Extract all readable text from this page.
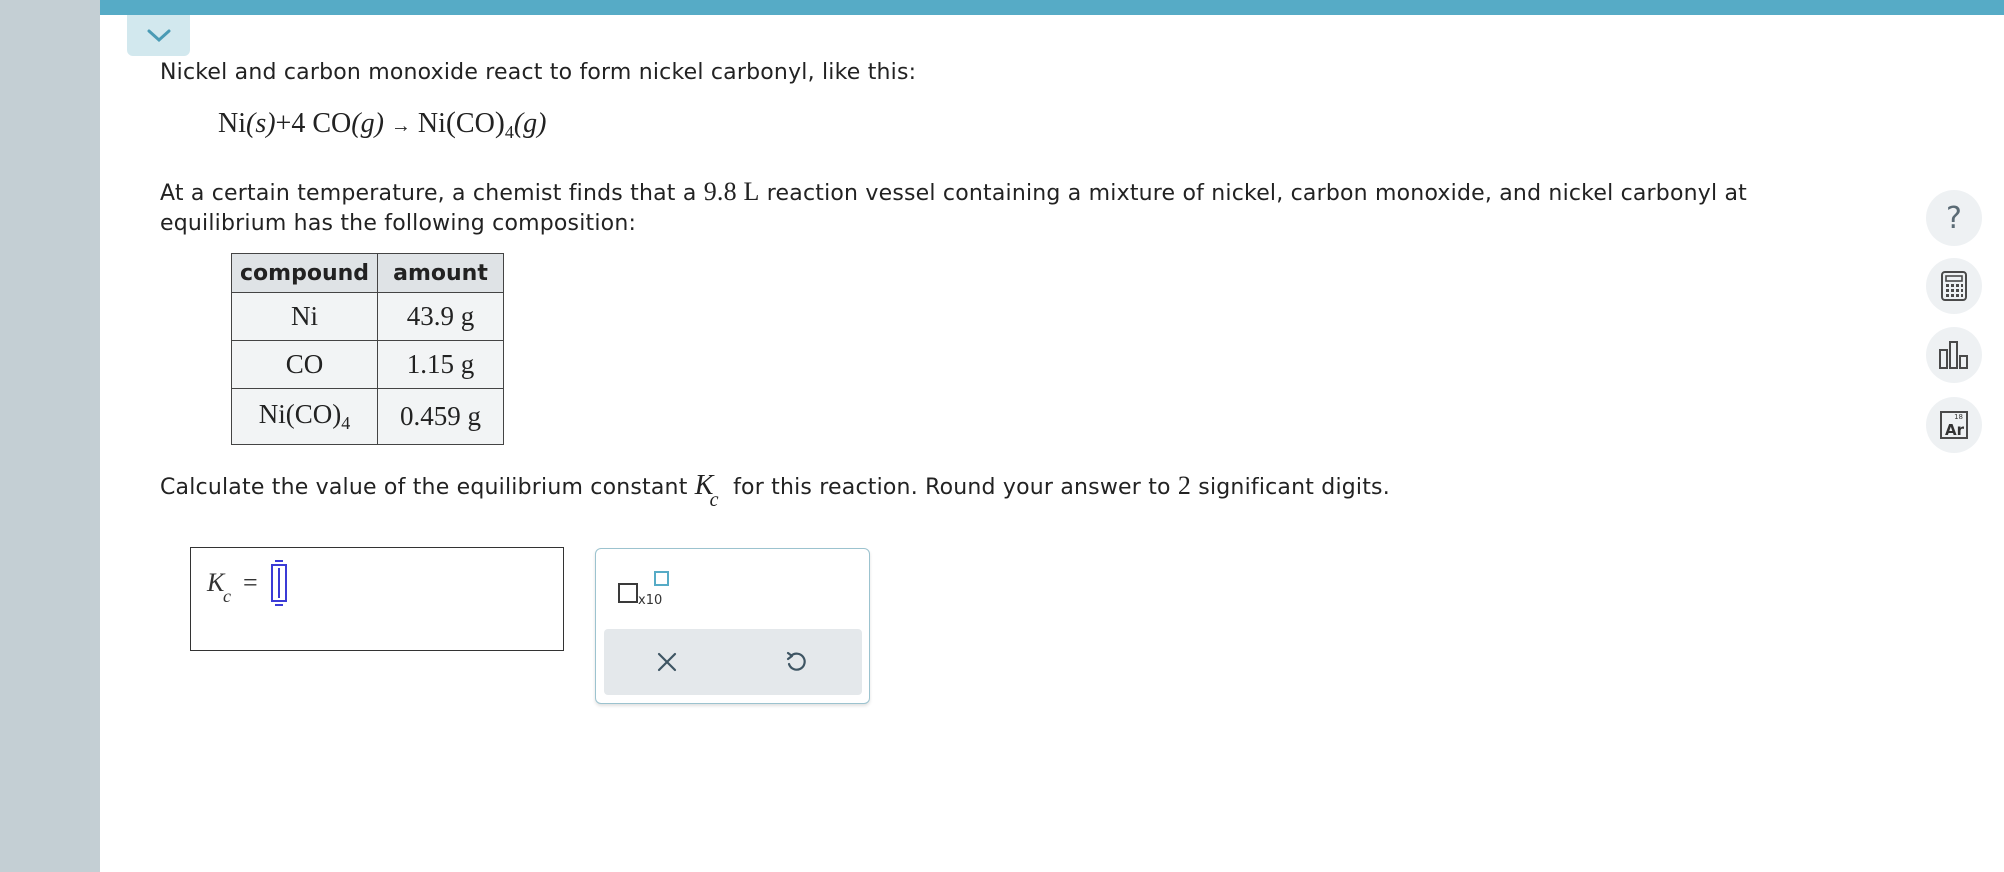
Nickel and carbon monoxide react to form nickel carbonyl, like this:
Ni(s)+4 $CO(g) \to Ni(CO)_4(g)$
At a certain temperature, a chemist finds that a 9.8 L reaction vessel containing a mixture of nickel, carbon monoxide, and nickel carbonyl at equilibrium has the following composition:
compound	amount
Ni	43.9 g
CO	1.15 g
$Ni(CO)_4$	0.459 g
Calculate the value of the equilibrium constant Kc  for this reaction. Round your answer to 2 significant digits.
K
c =
x10
?
18
Ar
